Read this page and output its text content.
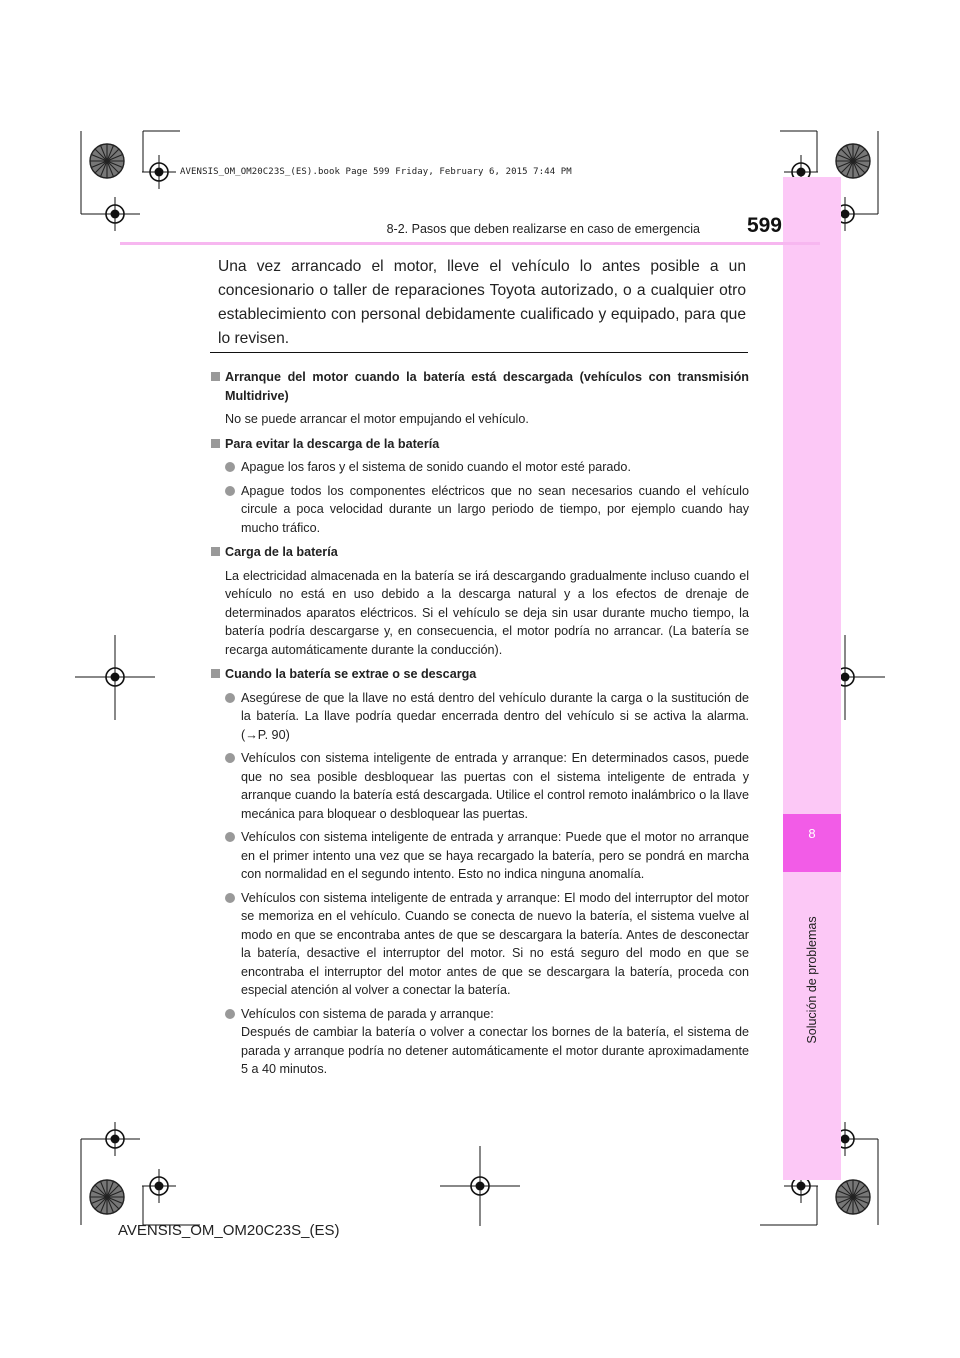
AVENSIS_OM_OM20C23S_(ES).book Page 599 Friday, February 6, 2015 7:44 PM
8
Solución de problemas
8-2. Pasos que deben realizarse en caso de emergencia	599
Una vez arrancado el motor, lleve el vehículo lo antes posible a un concesionario o taller de reparaciones Toyota autorizado, o a cualquier otro establecimiento con personal debidamente cualificado y equipado, para que lo revisen.
Arranque del motor cuando la batería está descargada (vehículos con transmisión Multidrive)
No se puede arrancar el motor empujando el vehículo.
Para evitar la descarga de la batería
Apague los faros y el sistema de sonido cuando el motor esté parado.
Apague todos los componentes eléctricos que no sean necesarios cuando el vehículo circule a poca velocidad durante un largo periodo de tiempo, por ejemplo cuando hay mucho tráfico.
Carga de la batería
La electricidad almacenada en la batería se irá descargando gradualmente incluso cuando el vehículo no está en uso debido a la descarga natural y a los efectos de drenaje de determinados aparatos eléctricos. Si el vehículo se deja sin usar durante mucho tiempo, la batería podría descargarse y, en consecuencia, el motor podría no arrancar. (La batería se recarga automáticamente durante la conducción).
Cuando la batería se extrae o se descarga
Asegúrese de que la llave no está dentro del vehículo durante la carga o la sustitución de la batería. La llave podría quedar encerrada dentro del vehículo si se activa la alarma. (→P. 90)
Vehículos con sistema inteligente de entrada y arranque: En determinados casos, puede que no sea posible desbloquear las puertas con el sistema inteligente de entrada y arranque cuando la batería está descargada. Utilice el control remoto inalámbrico o la llave mecánica para bloquear o desbloquear las puertas.
Vehículos con sistema inteligente de entrada y arranque: Puede que el motor no arranque en el primer intento una vez que se haya recargado la batería, pero se pondrá en marcha con normalidad en el segundo intento. Esto no indica ninguna anomalía.
Vehículos con sistema inteligente de entrada y arranque: El modo del interruptor del motor se memoriza en el vehículo. Cuando se conecta de nuevo la batería, el sistema vuelve al modo en que se encontraba antes de que se descargara la batería. Antes de desconectar la batería, desactive el interruptor del motor. Si no está seguro del modo en que se encontraba el interruptor del motor antes de que se descargara la batería, proceda con especial atención al volver a conectar la batería.
Vehículos con sistema de parada y arranque:
Después de cambiar la batería o volver a conectar los bornes de la batería, el sistema de parada y arranque podría no detener automáticamente el motor durante aproximadamente 5 a 40 minutos.
AVENSIS_OM_OM20C23S_(ES)
